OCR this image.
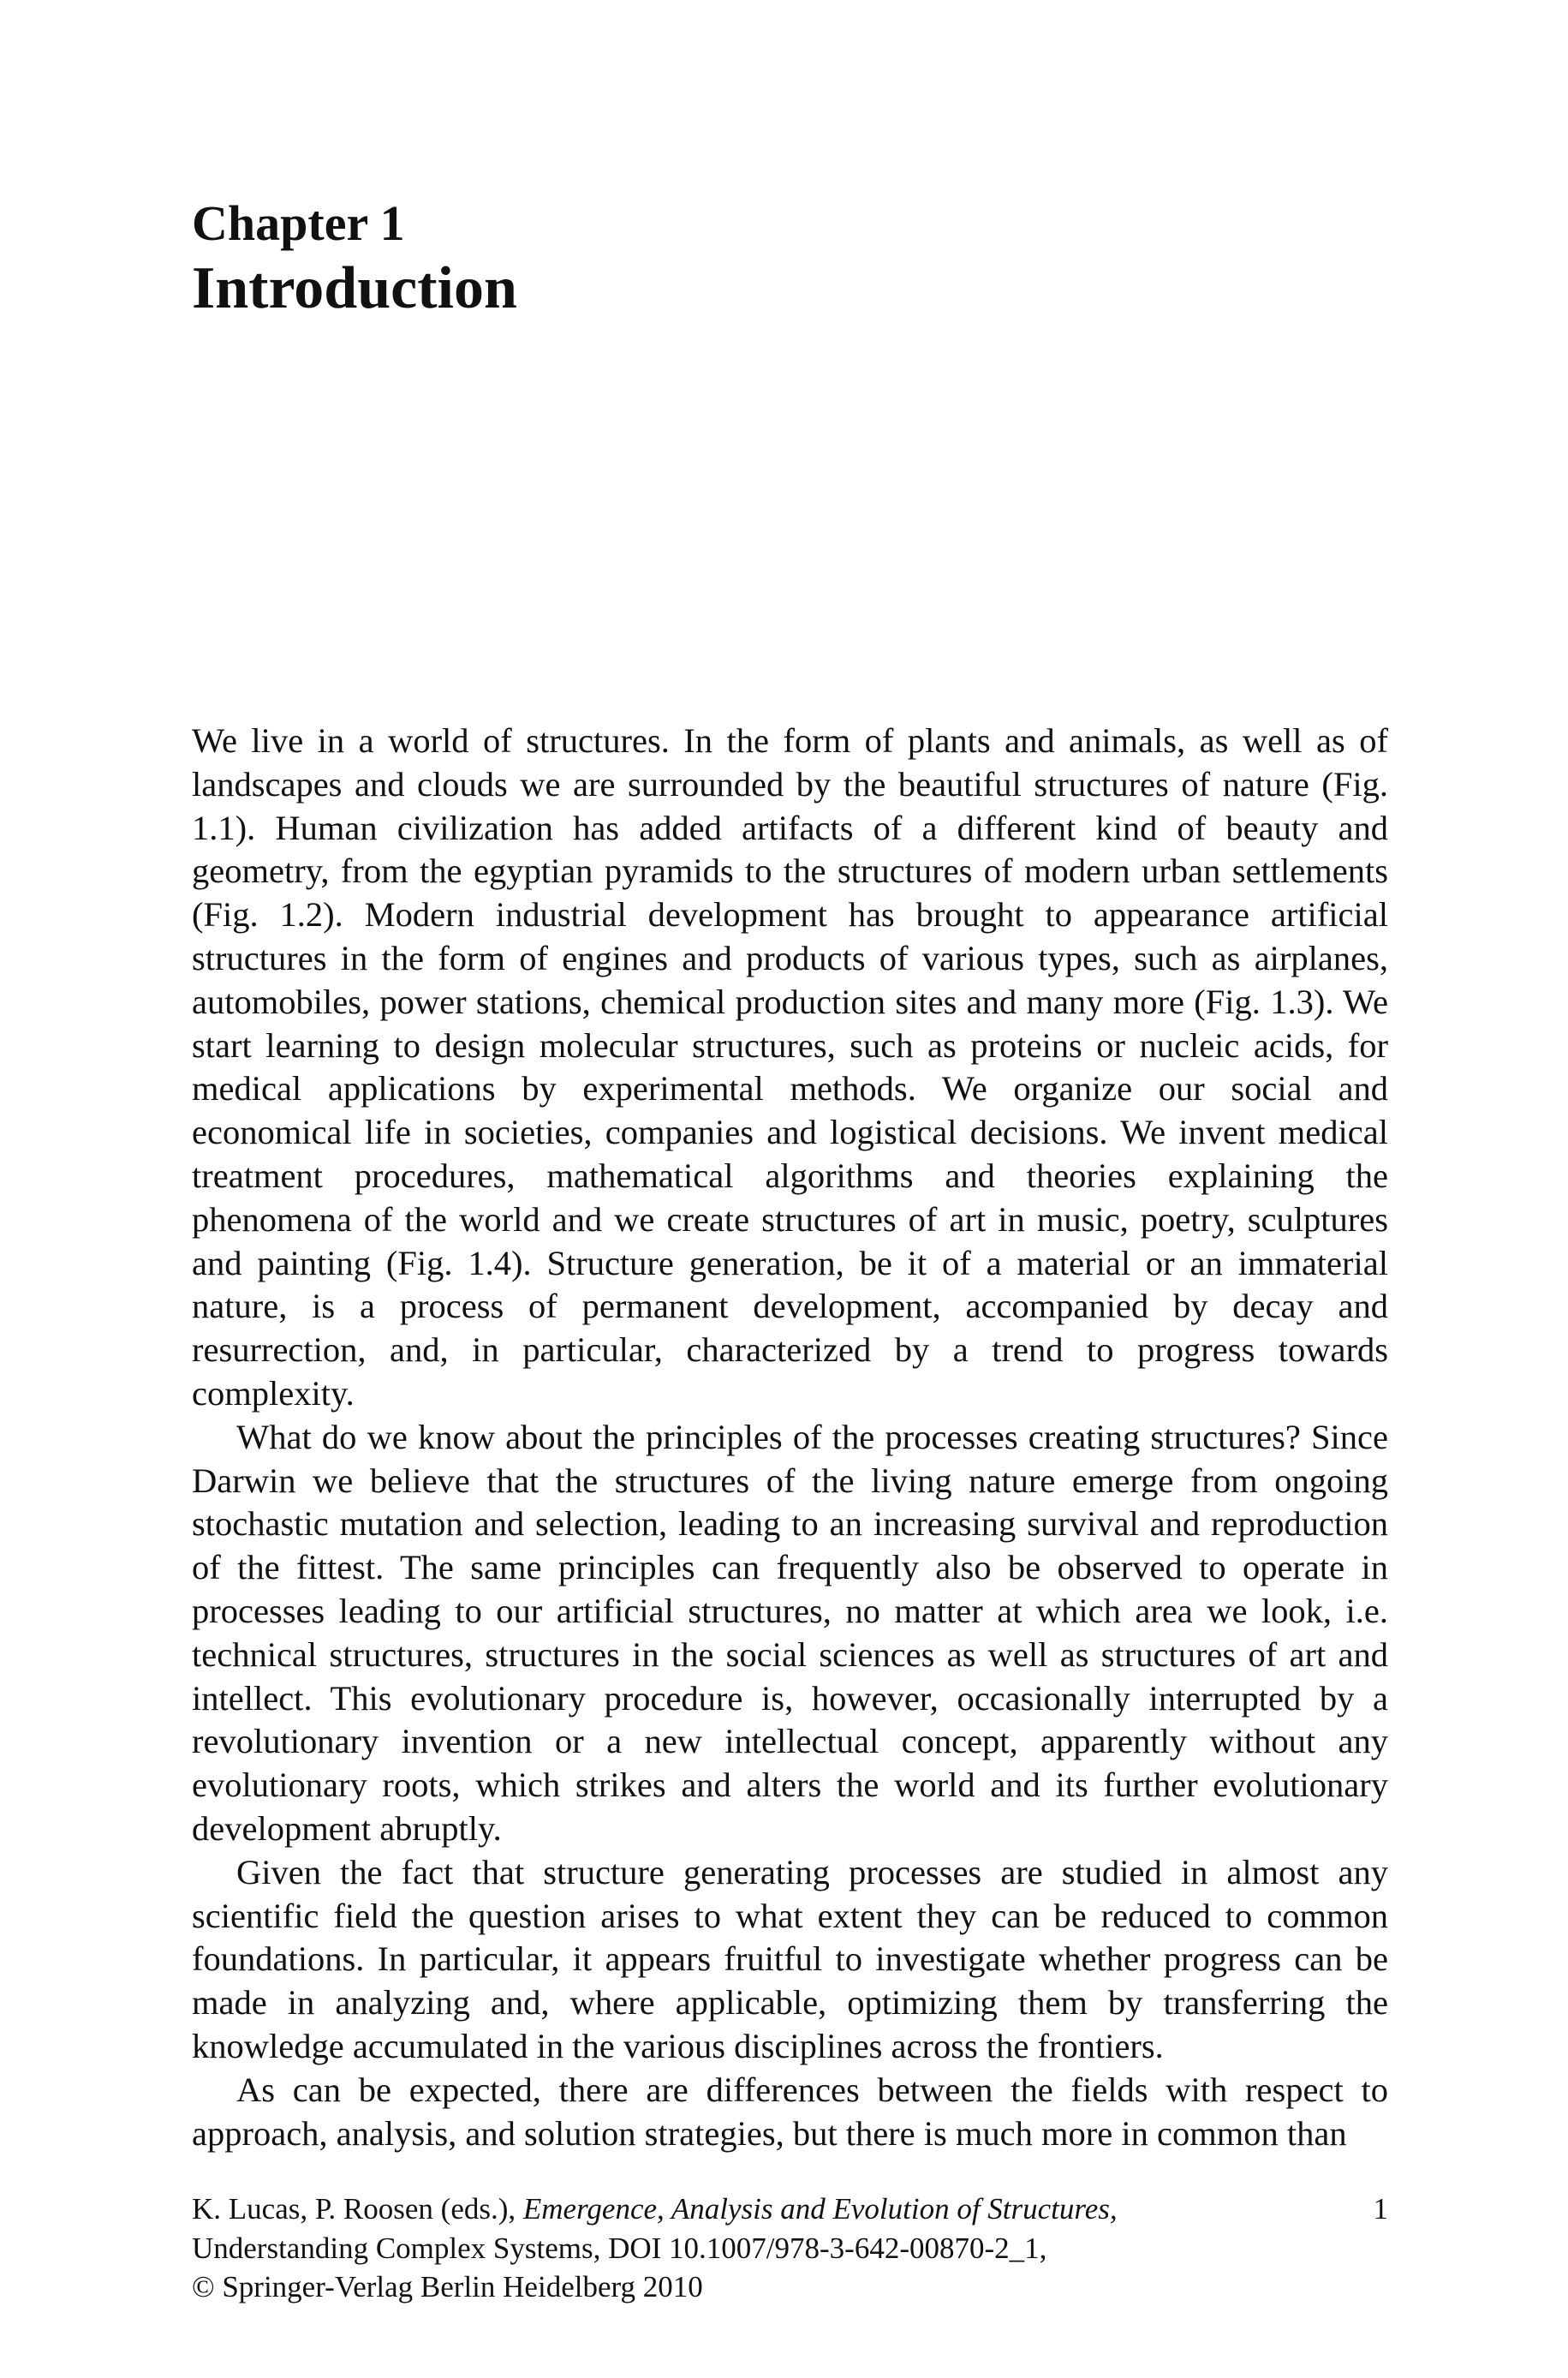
Chapter 1
Introduction

We live in a world of structures. In the form of plants and animals, as well as of landscapes and clouds we are surrounded by the beautiful structures of nature (Fig. 1.1). Human civilization has added artifacts of a different kind of beauty and geometry, from the egyptian pyramids to the structures of modern urban settlements (Fig. 1.2). Modern industrial development has brought to appearance artificial structures in the form of engines and products of various types, such as airplanes, automobiles, power stations, chemical production sites and many more (Fig. 1.3). We start learning to design molecular structures, such as proteins or nucleic acids, for medical applications by experimental methods. We organize our social and economical life in societies, companies and logistical decisions. We invent medical treatment procedures, mathematical algorithms and theories explaining the phenomena of the world and we create structures of art in music, poetry, sculptures and painting (Fig. 1.4). Structure generation, be it of a material or an immaterial nature, is a process of permanent development, accompanied by decay and resurrection, and, in particular, characterized by a trend to progress towards complexity.

What do we know about the principles of the processes creating structures? Since Darwin we believe that the structures of the living nature emerge from ongoing stochastic mutation and selection, leading to an increasing survival and reproduction of the fittest. The same principles can frequently also be observed to operate in processes leading to our artificial structures, no matter at which area we look, i.e. technical structures, structures in the social sciences as well as structures of art and intellect. This evolutionary procedure is, however, occasionally interrupted by a revolutionary invention or a new intellectual concept, apparently without any evolutionary roots, which strikes and alters the world and its further evolutionary development abruptly.

Given the fact that structure generating processes are studied in almost any scientific field the question arises to what extent they can be reduced to common foundations. In particular, it appears fruitful to investigate whether progress can be made in analyzing and, where applicable, optimizing them by transferring the knowledge accumulated in the various disciplines across the frontiers.

As can be expected, there are differences between the fields with respect to approach, analysis, and solution strategies, but there is much more in common than

K. Lucas, P. Roosen (eds.), Emergence, Analysis and Evolution of Structures,
Understanding Complex Systems, DOI 10.1007/978-3-642-00870-2_1,
© Springer-Verlag Berlin Heidelberg 2010
1
